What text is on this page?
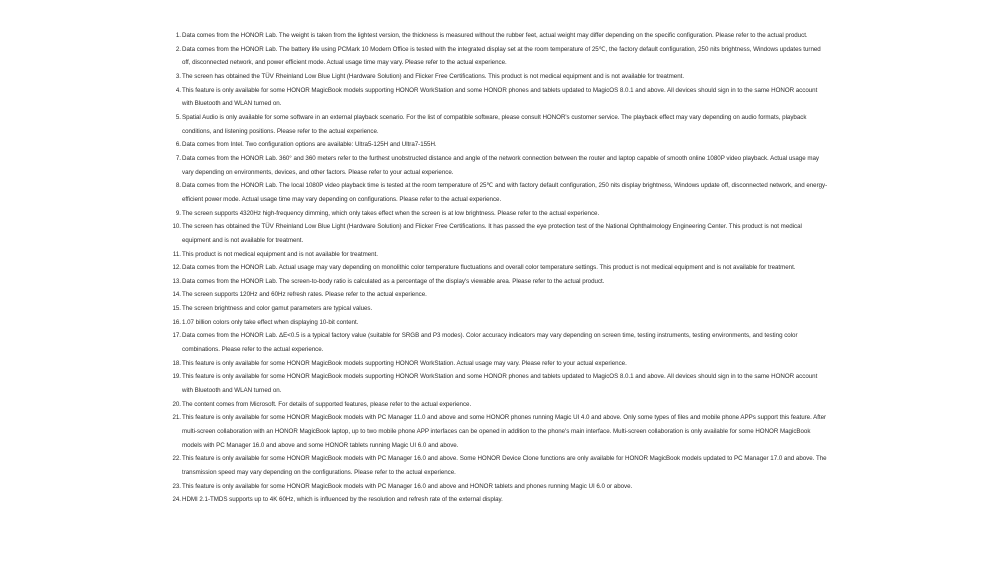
1. Data comes from the HONOR Lab. The weight is taken from the lightest version, the thickness is measured without the rubber feet, actual weight may differ depending on the specific configuration. Please refer to the actual product.
2. Data comes from the HONOR Lab. The battery life using PCMark 10 Modern Office is tested with the integrated display set at the room temperature of 25℃, the factory default configuration, 250 nits brightness, Windows updates turned off, disconnected network, and power efficient mode. Actual usage time may vary. Please refer to the actual experience.
3. The screen has obtained the TÜV Rheinland Low Blue Light (Hardware Solution) and Flicker Free Certifications. This product is not medical equipment and is not available for treatment.
4. This feature is only available for some HONOR MagicBook models supporting HONOR WorkStation and some HONOR phones and tablets updated to MagicOS 8.0.1 and above. All devices should sign in to the same HONOR account with Bluetooth and WLAN turned on.
5. Spatial Audio is only available for some software in an external playback scenario. For the list of compatible software, please consult HONOR's customer service. The playback effect may vary depending on audio formats, playback conditions, and listening positions. Please refer to the actual experience.
6. Data comes from Intel. Two configuration options are available: Ultra5-125H and Ultra7-155H.
7. Data comes from the HONOR Lab. 360° and 360 meters refer to the furthest unobstructed distance and angle of the network connection between the router and laptop capable of smooth online 1080P video playback. Actual usage may vary depending on environments, devices, and other factors. Please refer to your actual experience.
8. Data comes from the HONOR Lab. The local 1080P video playback time is tested at the room temperature of 25℃ and with factory default configuration, 250 nits display brightness, Windows update off, disconnected network, and energy-efficient power mode. Actual usage time may vary depending on configurations. Please refer to the actual experience.
9. The screen supports 4320Hz high-frequency dimming, which only takes effect when the screen is at low brightness. Please refer to the actual experience.
10. The screen has obtained the TÜV Rheinland Low Blue Light (Hardware Solution) and Flicker Free Certifications. It has passed the eye protection test of the National Ophthalmology Engineering Center. This product is not medical equipment and is not available for treatment.
11. This product is not medical equipment and is not available for treatment.
12. Data comes from the HONOR Lab. Actual usage may vary depending on monolithic color temperature fluctuations and overall color temperature settings. This product is not medical equipment and is not available for treatment.
13. Data comes from the HONOR Lab. The screen-to-body ratio is calculated as a percentage of the display's viewable area. Please refer to the actual product.
14. The screen supports 120Hz and 60Hz refresh rates. Please refer to the actual experience.
15. The screen brightness and color gamut parameters are typical values.
16. 1.07 billion colors only take effect when displaying 10-bit content.
17. Data comes from the HONOR Lab. ΔE<0.5 is a typical factory value (suitable for SRGB and P3 modes). Color accuracy indicators may vary depending on screen time, testing instruments, testing environments, and testing color combinations. Please refer to the actual experience.
18. This feature is only available for some HONOR MagicBook models supporting HONOR WorkStation. Actual usage may vary. Please refer to your actual experience.
19. This feature is only available for some HONOR MagicBook models supporting HONOR WorkStation and some HONOR phones and tablets updated to MagicOS 8.0.1 and above. All devices should sign in to the same HONOR account with Bluetooth and WLAN turned on.
20. The content comes from Microsoft. For details of supported features, please refer to the actual experience.
21. This feature is only available for some HONOR MagicBook models with PC Manager 11.0 and above and some HONOR phones running Magic UI 4.0 and above. Only some types of files and mobile phone APPs support this feature. After multi-screen collaboration with an HONOR MagicBook laptop, up to two mobile phone APP interfaces can be opened in addition to the phone's main interface. Multi-screen collaboration is only available for some HONOR MagicBook models with PC Manager 16.0 and above and some HONOR tablets running Magic UI 6.0 and above.
22. This feature is only available for some HONOR MagicBook models with PC Manager 16.0 and above. Some HONOR Device Clone functions are only available for HONOR MagicBook models updated to PC Manager 17.0 and above. The transmission speed may vary depending on the configurations. Please refer to the actual experience.
23. This feature is only available for some HONOR MagicBook models with PC Manager 16.0 and above and HONOR tablets and phones running Magic UI 6.0 or above.
24. HDMI 2.1-TMDS supports up to 4K 60Hz, which is influenced by the resolution and refresh rate of the external display.
